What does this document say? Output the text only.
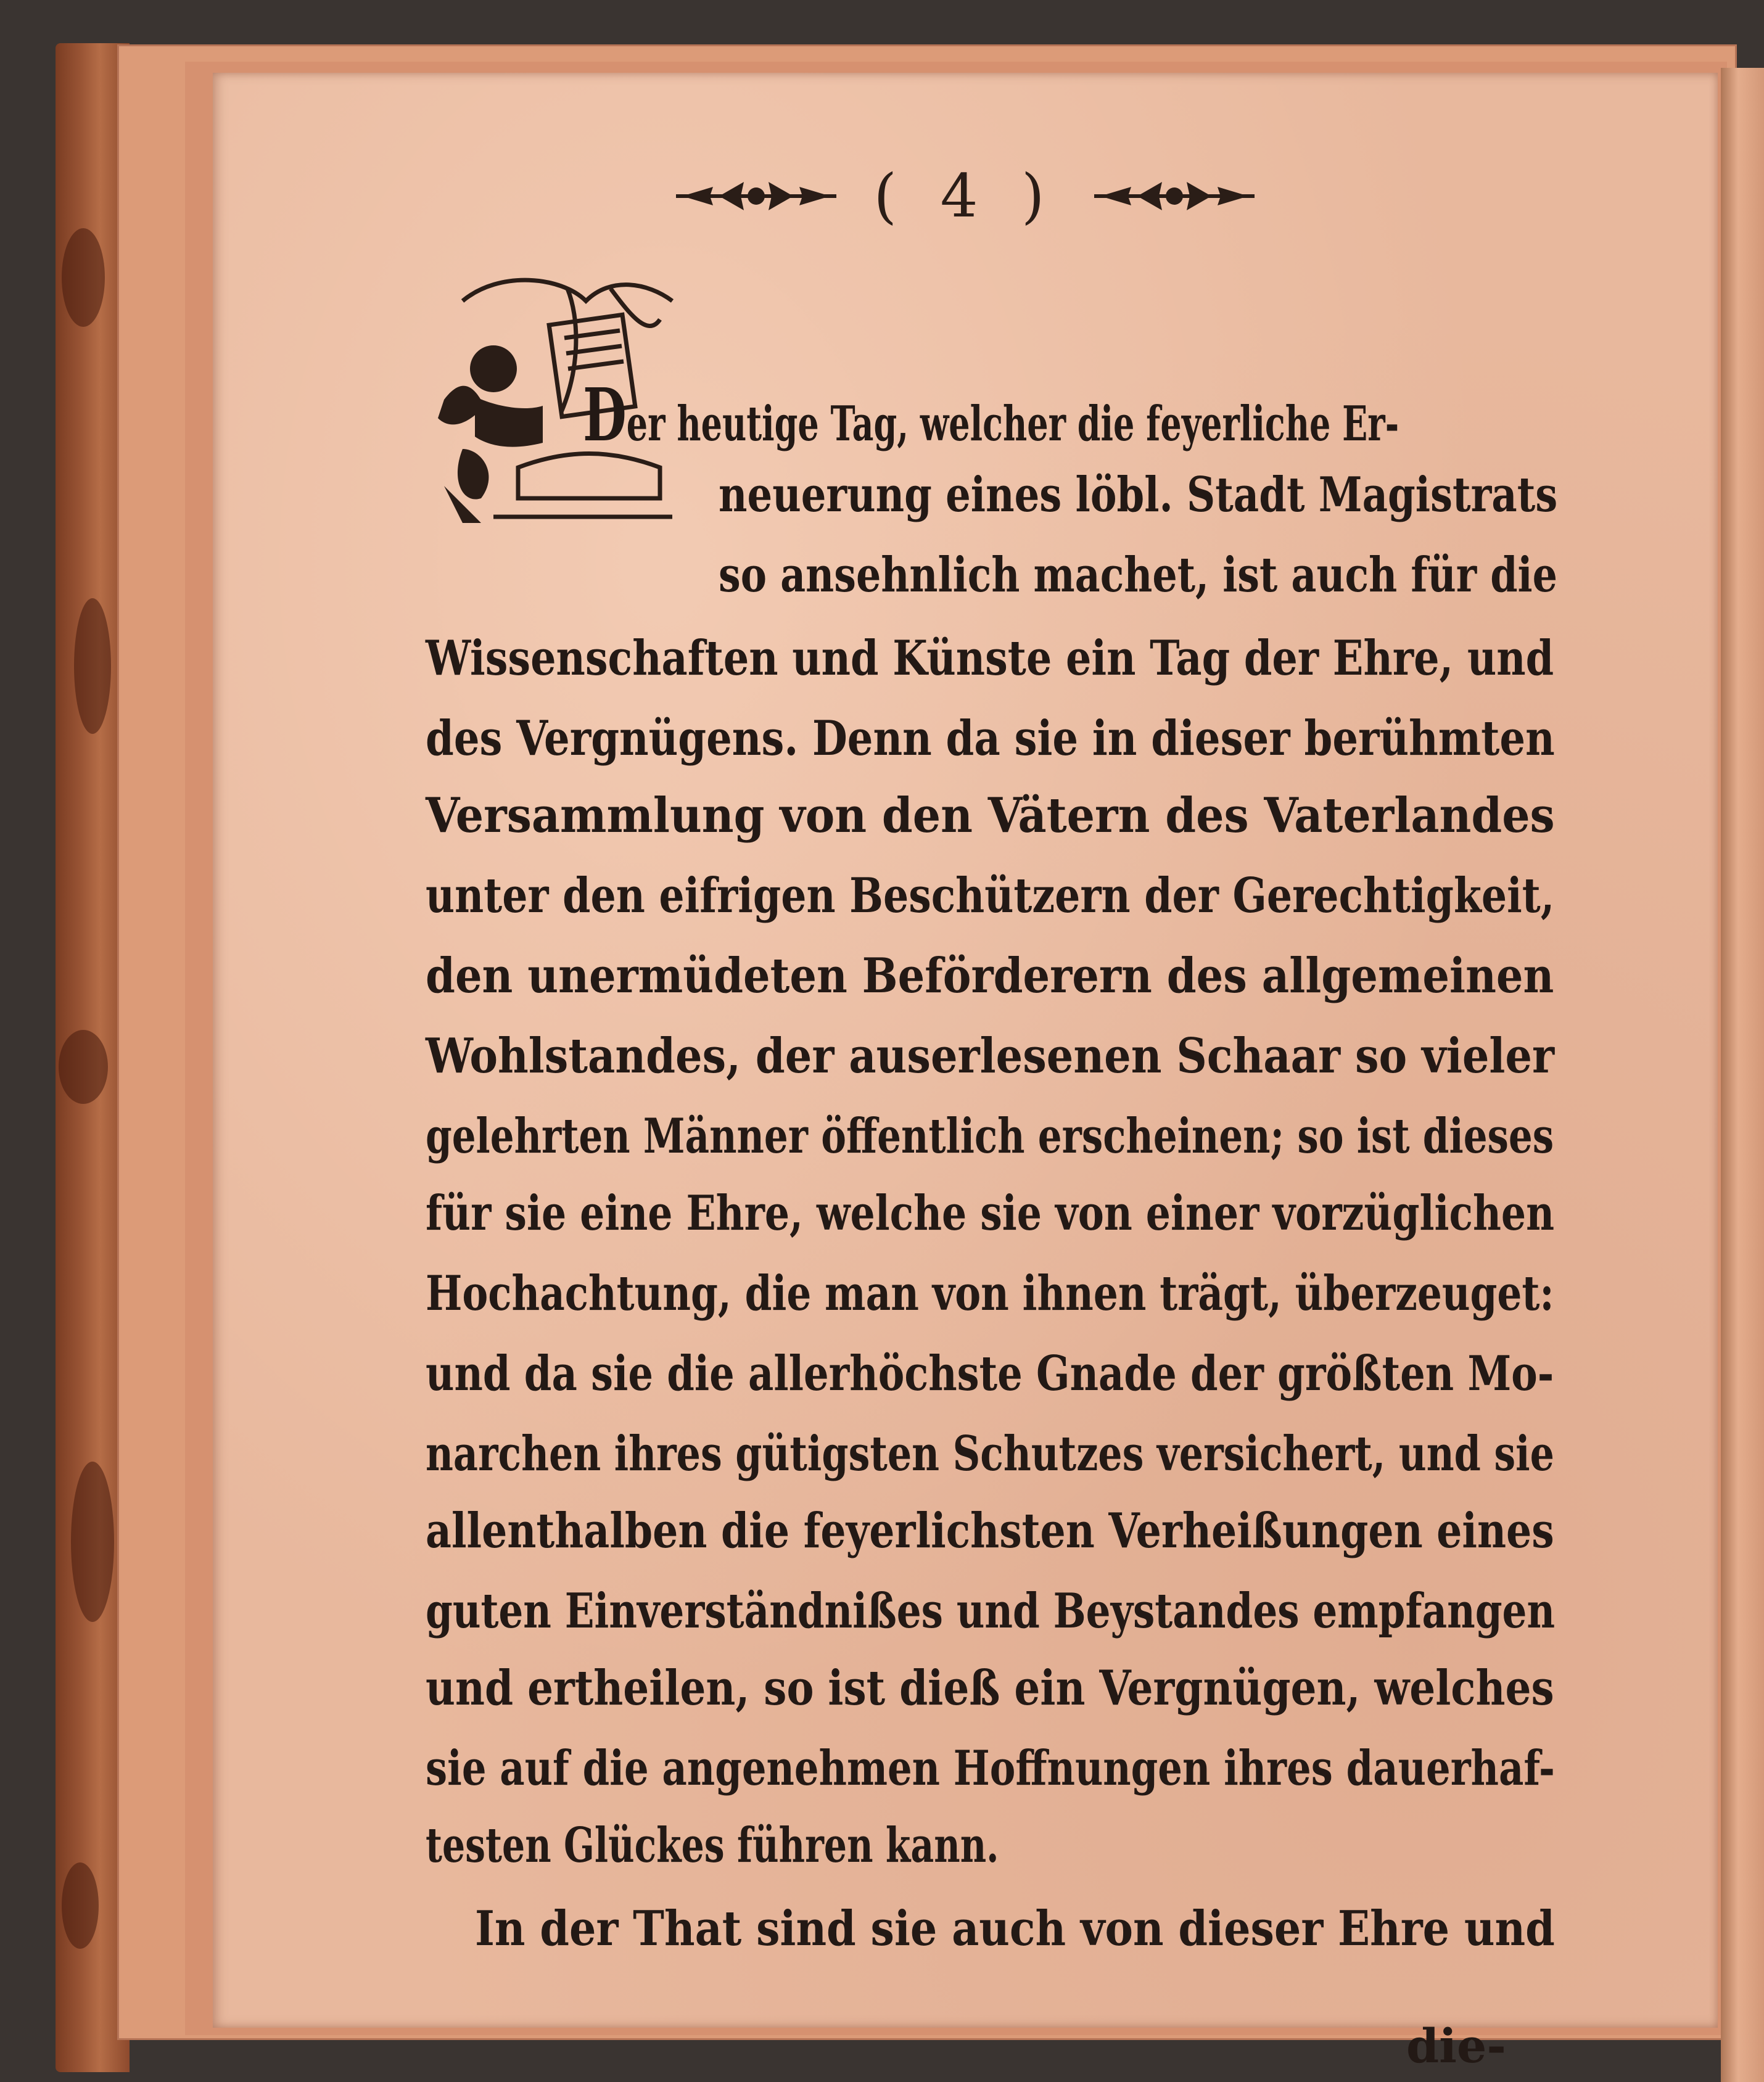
( 4 )
Der heutige Tag, welcher die feyerliche Er-
neuerung eines löbl. Stadt Magistrats
so ansehnlich machet, ist auch für die
Wissenschaften und Künste ein Tag der Ehre, und
des Vergnügens. Denn da sie in dieser berühmten
Versammlung von den Vätern des Vaterlandes
unter den eifrigen Beschützern der Gerechtigkeit,
den unermüdeten Beförderern des allgemeinen
Wohlstandes, der auserlesenen Schaar so vieler
gelehrten Männer öffentlich erscheinen; so ist dieses
für sie eine Ehre, welche sie von einer vorzüglichen
Hochachtung, die man von ihnen trägt, überzeuget:
und da sie die allerhöchste Gnade der größten Mo-
narchen ihres gütigsten Schutzes versichert, und sie
allenthalben die feyerlichsten Verheißungen eines
guten Einverständnißes und Beystandes empfangen
und ertheilen, so ist dieß ein Vergnügen, welches
sie auf die angenehmen Hoffnungen ihres dauerhaf-
testen Glückes führen kann.
In der That sind sie auch von dieser Ehre und
die-
